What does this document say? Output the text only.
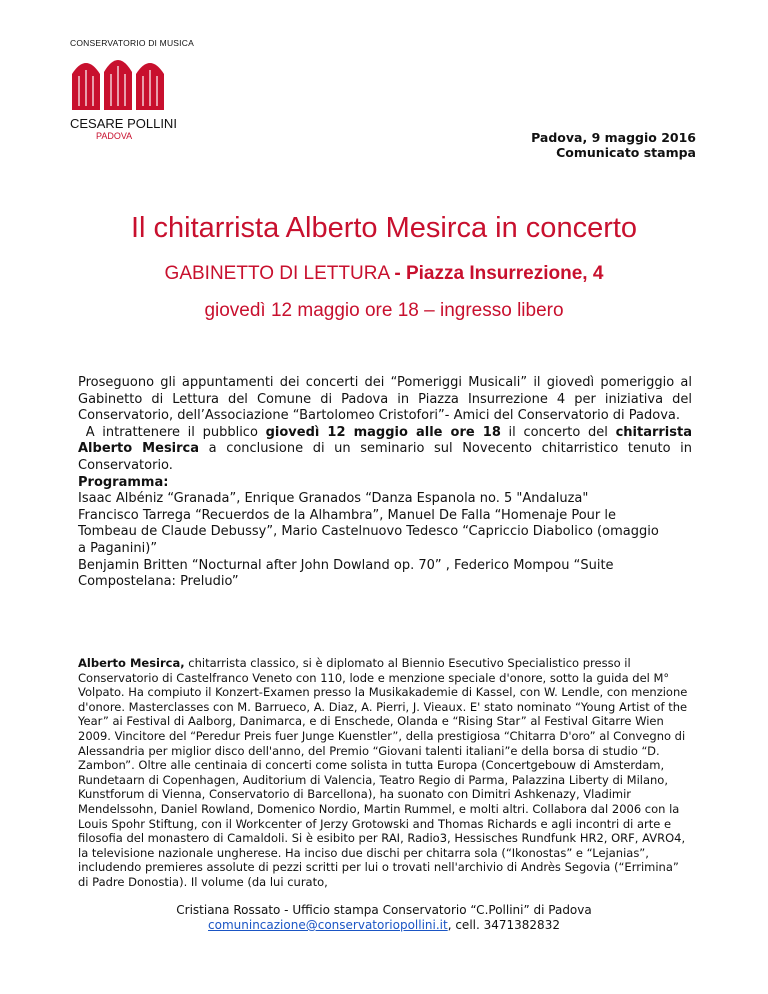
CONSERVATORIO DI MUSICA
CESARE POLLINI
PADOVA	Padova, 9 maggio 2016
Comunicato stampa
Il chitarrista Alberto Mesirca in concerto
GABINETTO DI LETTURA - Piazza Insurrezione, 4
giovedì 12 maggio ore 18 – ingresso libero

Proseguono gli appuntamenti dei concerti dei “Pomeriggi Musicali” il giovedì pomeriggio al Gabinetto di Lettura del Comune di Padova in Piazza Insurrezione 4 per iniziativa del Conservatorio, dell’Associazione “Bartolomeo Cristofori”- Amici del Conservatorio di Padova.

A intrattenere il pubblico giovedì 12 maggio alle ore 18 il concerto del chitarrista Alberto Mesirca a conclusione di un seminario sul Novecento chitarristico tenuto in Conservatorio.

Programma:

Isaac Albéniz “Granada”, Enrique Granados “Danza Espanola no. 5 "Andaluza"

Francisco Tarrega “Recuerdos de la Alhambra”, Manuel De Falla “Homenaje Pour le

Tombeau de Claude Debussy”, Mario Castelnuovo Tedesco “Capriccio Diabolico (omaggio

a Paganini)”

Benjamin Britten “Nocturnal after John Dowland op. 70” , Federico Mompou “Suite

Compostelana: Preludio”

Alberto Mesirca, chitarrista classico, si è diplomato al Biennio Esecutivo Specialistico presso il Conservatorio di Castelfranco Veneto con 110, lode e menzione speciale d'onore, sotto la guida del M° Volpato. Ha compiuto il Konzert-Examen presso la Musikakademie di Kassel, con W. Lendle, con menzione d'onore. Masterclasses con M. Barrueco, A. Diaz, A. Pierri, J. Vieaux. E' stato nominato “Young Artist of the Year” ai Festival di Aalborg, Danimarca, e di Enschede, Olanda e “Rising Star” al Festival Gitarre Wien 2009. Vincitore del “Peredur Preis fuer Junge Kuenstler”, della prestigiosa “Chitarra D'oro” al Convegno di Alessandria per miglior disco dell'anno, del Premio “Giovani talenti italiani”e della borsa di studio “D. Zambon”. Oltre alle centinaia di concerti come solista in tutta Europa (Concertgebouw di Amsterdam, Rundetaarn di Copenhagen, Auditorium di Valencia, Teatro Regio di Parma, Palazzina Liberty di Milano, Kunstforum di Vienna, Conservatorio di Barcellona), ha suonato con Dimitri Ashkenazy, Vladimir Mendelssohn, Daniel Rowland, Domenico Nordio, Martin Rummel, e molti altri. Collabora dal 2006 con la Louis Spohr Stiftung, con il Workcenter of Jerzy Grotowski and Thomas Richards e agli incontri di arte e filosofia del monastero di Camaldoli. Si è esibito per RAI, Radio3, Hessisches Rundfunk HR2, ORF, AVRO4, la televisione nazionale ungherese. Ha inciso due dischi per chitarra sola (“Ikonostas” e “Lejanias”, includendo premieres assolute di pezzi scritti per lui o trovati nell'archivio di Andrès Segovia (“Errimina” di Padre Donostia). Il volume (da lui curato,
Cristiana Rossato - Ufficio stampa Conservatorio “C.Pollini” di Padova
comunincazione@conservatoriopollini.it, cell. 3471382832
